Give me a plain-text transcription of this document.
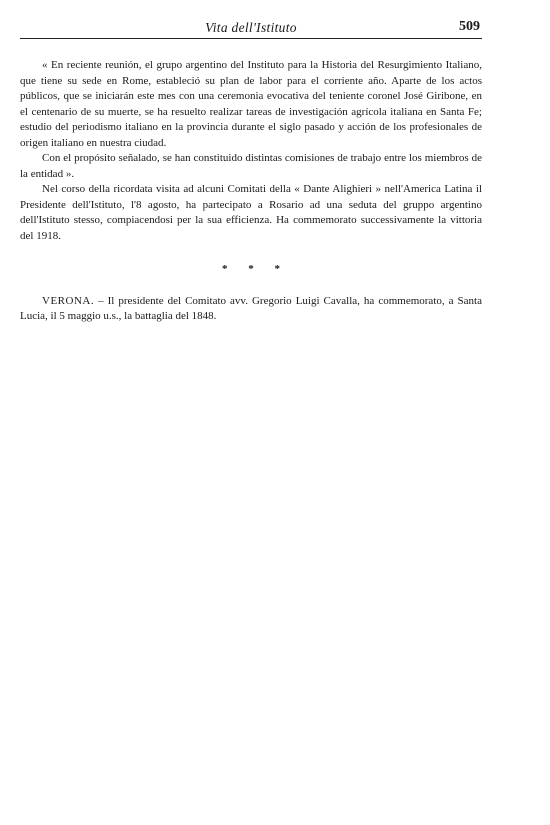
Vita dell'Istituto	509

« En reciente reunión, el grupo argentino del Instituto para la Historia del Resurgimiento Italiano, que tiene su sede en Rome, estableció su plan de labor para el corriente año. Aparte de los actos públicos, que se iniciarán este mes con una ceremonia evocativa del teniente coronel José Giribone, en el centenario de su muerte, se ha resuelto realizar tareas de investigación agrícola italiana en Santa Fe; estudio del periodismo italiano en la provincia durante el siglo pasado y acción de los profesionales de origen italiano en nuestra ciudad.

Con el propósito señalado, se han constituido distintas comisiones de trabajo entre los miembros de la entidad ».

Nel corso della ricordata visita ad alcuni Comitati della « Dante Alighieri » nell'America Latina il Presidente dell'Istituto, l'8 agosto, ha partecipato a Rosario ad una seduta del gruppo argentino dell'Istituto stesso, compiacendosi per la sua efficienza. Ha commemorato successivamente la vittoria del 1918.

* * *

VERONA. – Il presidente del Comitato avv. Gregorio Luigi Cavalla, ha commemorato, a Santa Lucia, il 5 maggio u.s., la battaglia del 1848.
